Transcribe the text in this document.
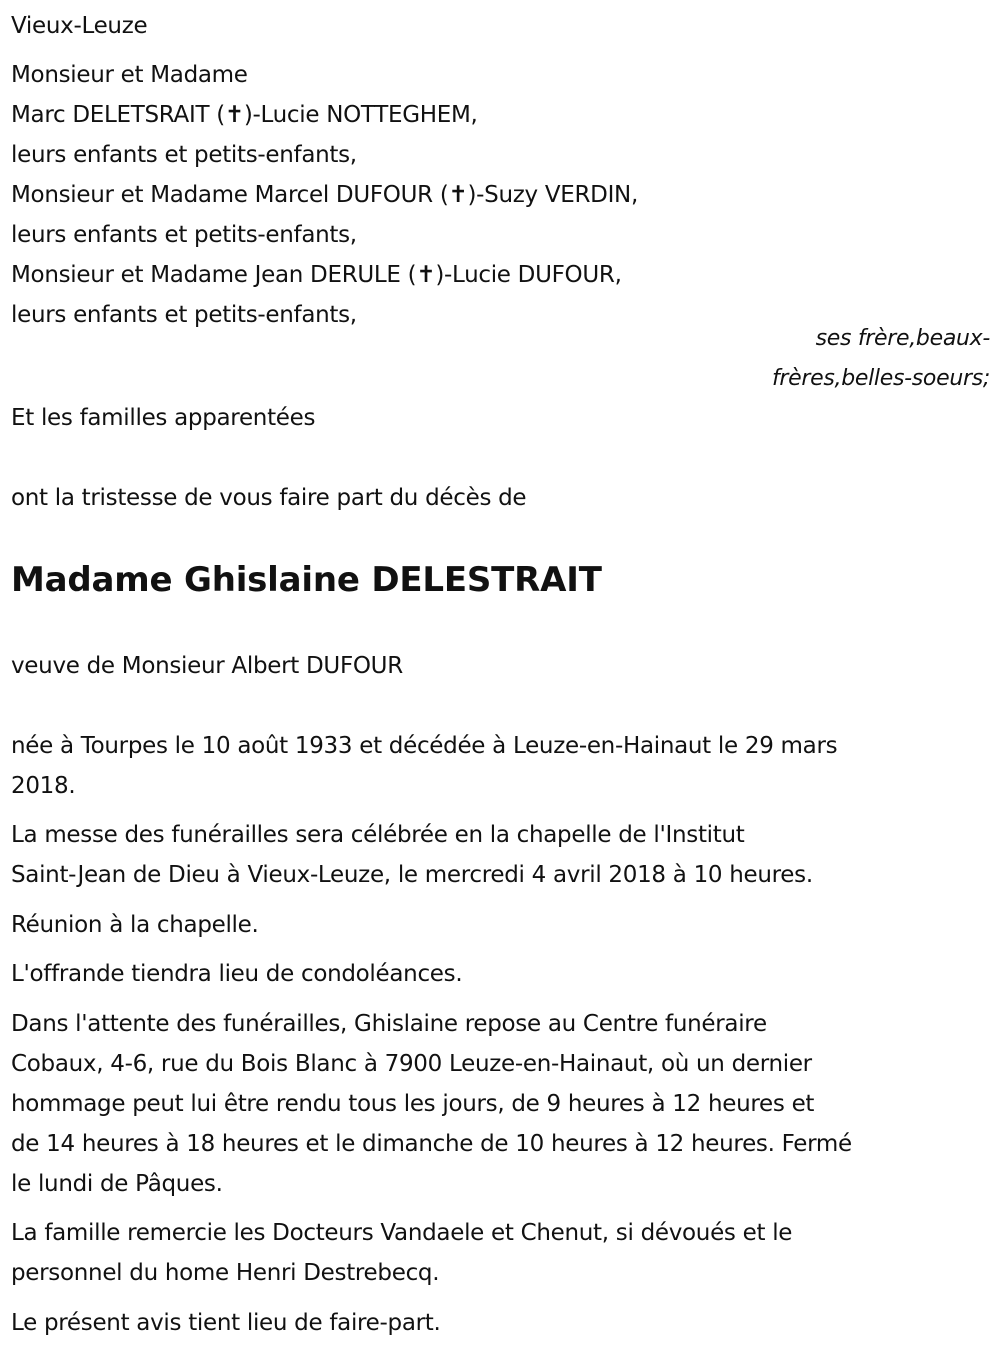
Vieux-Leuze
Monsieur et Madame
Marc DELETSRAIT (✝)-Lucie NOTTEGHEM,
leurs enfants et petits-enfants,
Monsieur et Madame Marcel DUFOUR (✝)-Suzy VERDIN,
leurs enfants et petits-enfants,
Monsieur et Madame Jean DERULE (✝)-Lucie DUFOUR,
leurs enfants et petits-enfants,
ses frère,beaux-
frères,belles-soeurs;
Et les familles apparentées
ont la tristesse de vous faire part du décès de
Madame Ghislaine DELESTRAIT
veuve de Monsieur Albert DUFOUR
née à Tourpes le 10 août 1933 et décédée à Leuze-en-Hainaut le 29 mars
2018.
La messe des funérailles sera célébrée en la chapelle de l'Institut
Saint-Jean de Dieu à Vieux-Leuze, le mercredi 4 avril 2018 à 10 heures.
Réunion à la chapelle.
L'offrande tiendra lieu de condoléances.
Dans l'attente des funérailles, Ghislaine repose au Centre funéraire
Cobaux, 4-6, rue du Bois Blanc à 7900 Leuze-en-Hainaut, où un dernier
hommage peut lui être rendu tous les jours, de 9 heures à 12 heures et
de 14 heures à 18 heures et le dimanche de 10 heures à 12 heures. Fermé
le lundi de Pâques.
La famille remercie les Docteurs Vandaele et Chenut, si dévoués et le
personnel du home Henri Destrebecq.
Le présent avis tient lieu de faire-part.
